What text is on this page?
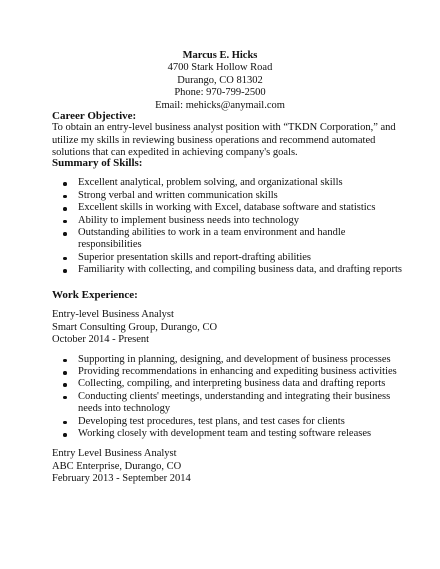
Marcus E. Hicks
4700 Stark Hollow Road
Durango, CO 81302
Phone: 970-799-2500
Email: mehicks@anymail.com
Career Objective:

To obtain an entry-level business analyst position with “TKDN Corporation,” and utilize my skills in reviewing business operations and recommend automated solutions that can expedited in achieving company's goals.

Summary of Skills:
Excellent analytical, problem solving, and organizational skills
Strong verbal and written communication skills
Excellent skills in working with Excel, database software and statistics
Ability to implement business needs into technology
Outstanding abilities to work in a team environment and handle responsibilities
Superior presentation skills and report-drafting abilities
Familiarity with collecting, and compiling business data, and drafting reports
Work Experience:
Entry-level Business Analyst
Smart Consulting Group, Durango, CO
October 2014 - Present
Supporting in planning, designing, and development of business processes
Providing recommendations in enhancing and expediting business activities
Collecting, compiling, and interpreting business data and drafting reports
Conducting clients' meetings, understanding and integrating their business needs into technology
Developing test procedures, test plans, and test cases for clients
Working closely with development team and testing software releases
Entry Level Business Analyst
ABC Enterprise, Durango, CO
February 2013 - September 2014
